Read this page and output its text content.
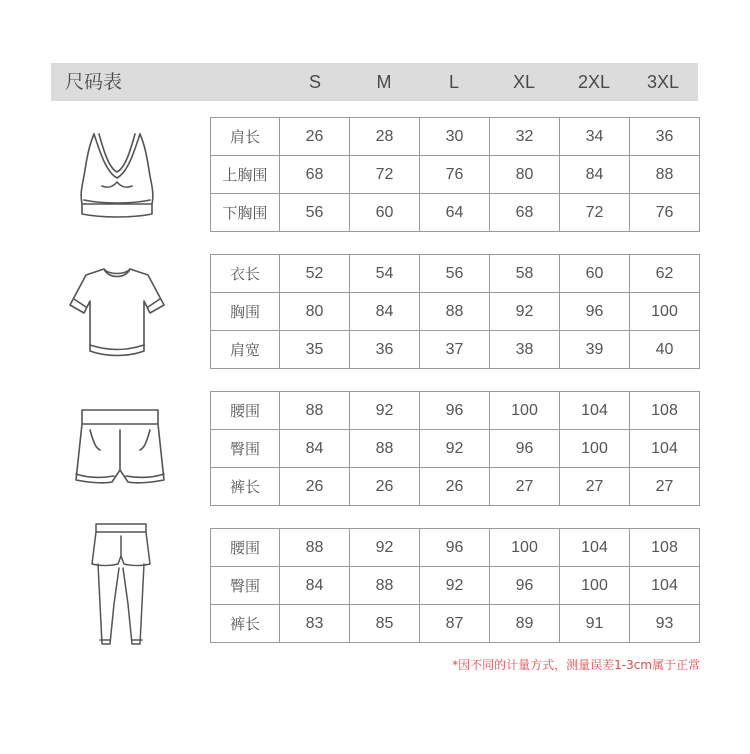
尺码表	S	M	L	XL	2XL	3XL
肩长	26	28	30	32	34	36
上胸围	68	72	76	80	84	88
下胸围	56	60	64	68	72	76
衣长	52	54	56	58	60	62
胸围	80	84	88	92	96	100
肩宽	35	36	37	38	39	40
腰围	88	92	96	100	104	108
臀围	84	88	92	96	100	104
裤长	26	26	26	27	27	27
腰围	88	92	96	100	104	108
臀围	84	88	92	96	100	104
裤长	83	85	87	89	91	93
*因不同的计量方式，测量误差1-3cm属于正常
